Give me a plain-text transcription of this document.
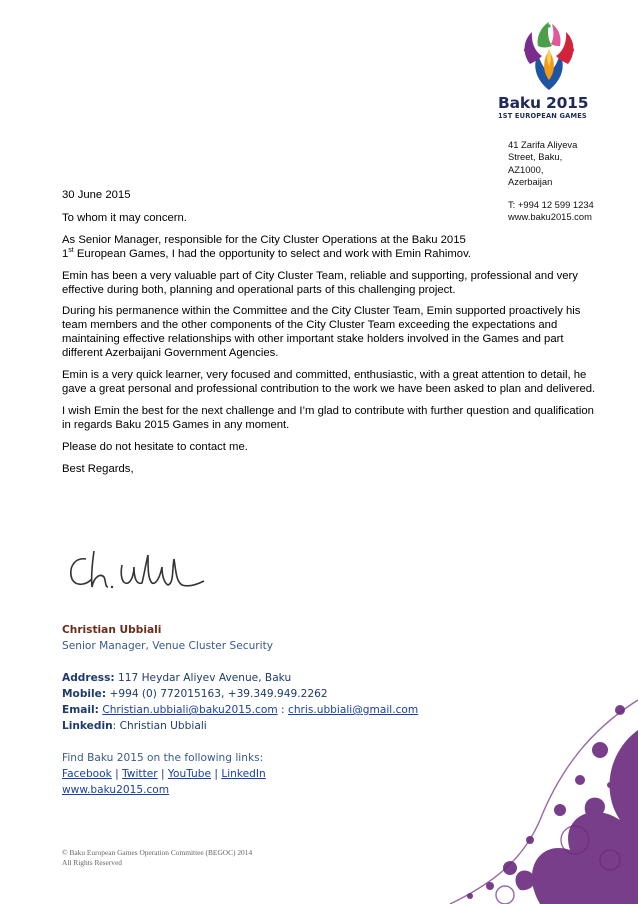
Baku 2015
1ST EUROPEAN GAMES
41 Zarifa Aliyeva
Street, Baku,
AZ1000,
Azerbaijan
T: +994 12 599 1234
www.baku2015.com

30 June 2015

To whom it may concern.

As Senior Manager, responsible for the City Cluster Operations at the Baku 2015
1st European Games, I had the opportunity to select and work with Emin Rahimov.

Emin has been a very valuable part of City Cluster Team, reliable and supporting, professional and very effective during both, planning and operational parts of this challenging project.

During his permanence within the Committee and the City Cluster Team, Emin supported proactively his team members and the other components of the City Cluster Team exceeding the expectations and maintaining effective relationships with other important stake holders involved in the Games and part different Azerbaijani Government Agencies.

Emin is a very quick learner, very focused and committed, enthusiastic, with a great attention to detail, he gave a great personal and professional contribution to the work we have been asked to plan and delivered.

I wish Emin the best for the next challenge and I’m glad to contribute with further question and qualification in regards Baku 2015 Games in any moment.

Please do not hesitate to contact me.

Best Regards,

Christian Ubbiali
Senior Manager, Venue Cluster Security
Address: 117 Heydar Aliyev Avenue, Baku
Mobile: +994 (0) 772015163, +39.349.949.2262
Email: Christian.ubbiali@baku2015.com : chris.ubbiali@gmail.com
Linkedin: Christian Ubbiali
Find Baku 2015 on the following links:
Facebook | Twitter | YouTube | LinkedIn
www.baku2015.com
© Baku European Games Operation Committee (BEGOC) 2014
All Rights Reserved
